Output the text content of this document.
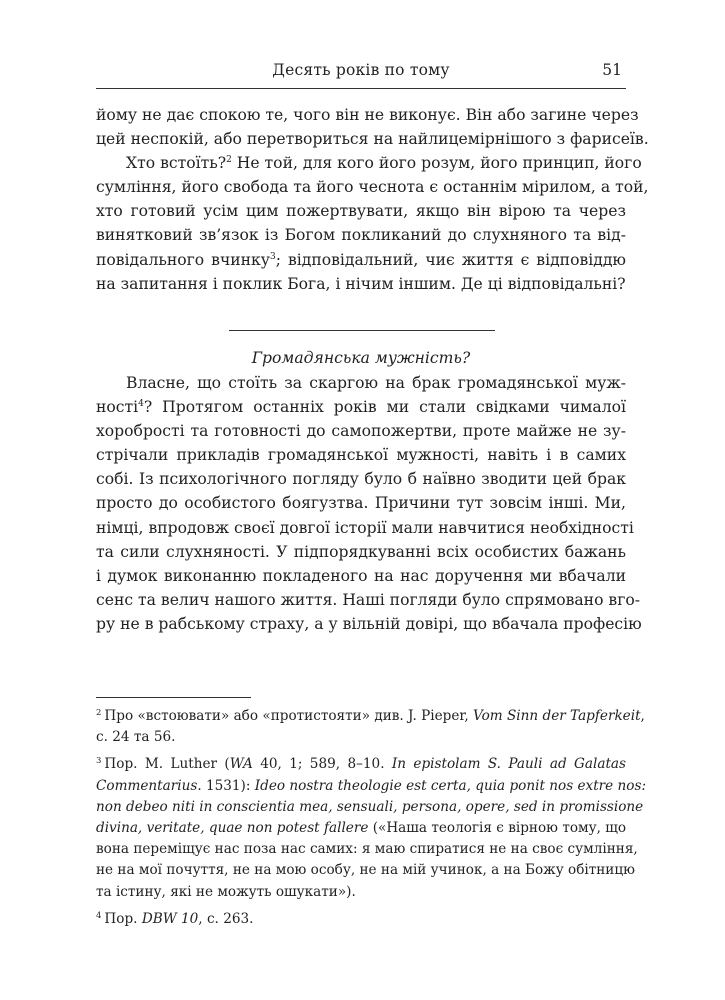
Десять років по тому	51
йому не дає спокою те, чого він не виконує. Він або загине через
цей неспокій, або перетвориться на найлицемірнішого з фарисеїв.
Хто встоїть?$^2$ Не той, для кого його розум, його принцип, його
сумління, його свобода та його чеснота є останнім мірилом, а той,
хто готовий усім цим пожертвувати, якщо він вірою та через
винятковий зв’язок із Богом покликаний до слухняного та від-
повідального вчинку$^3$; відповідальний, чиє життя є відповіддю
на запитання і поклик Бога, і нічим іншим. Де ці відповідальні?
Громадянська мужність?
Власне, що стоїть за скаргою на брак громадянської муж-
ності$^4$? Протягом останніх років ми стали свідками чималої
хоробрості та готовності до самопожертви, проте майже не зу-
стрічали прикладів громадянської мужності, навіть і в самих
собі. Із психологічного погляду було б наївно зводити цей брак
просто до особистого боягузтва. Причини тут зовсім інші. Ми,
німці, впродовж своєї довгої історії мали навчитися необхідності
та сили слухняності. У підпорядкуванні всіх особистих бажань
і думок виконанню покладеного на нас доручення ми вбачали
сенс та велич нашого життя. Наші погляди було спрямовано вго-
ру не в рабському страху, а у вільній довірі, що вбачала професію
$^2$ Про «встоювати» або «протистояти» див. J. Pieper, Vom Sinn der Tapferkeit,
с. 24 та 56.
$^3$ Пор. M. Luther (WA 40, 1; 589, 8–10. In epistolam S. Pauli ad Galatas
Commentarius. 1531): Ideo nostra theologie est certa, quia ponit nos extre nos:
non debeo niti in conscientia mea, sensuali, persona, opere, sed in promissione
divina, veritate, quae non potest fallere («Наша теологія є вірною тому, що
вона переміщує нас поза нас самих: я маю спиратися не на своє сумління,
не на мої почуття, не на мою особу, не на мій учинок, а на Божу обітницю
та істину, які не можуть ошукати»).
$^4$ Пор. DBW 10, с. 263.
